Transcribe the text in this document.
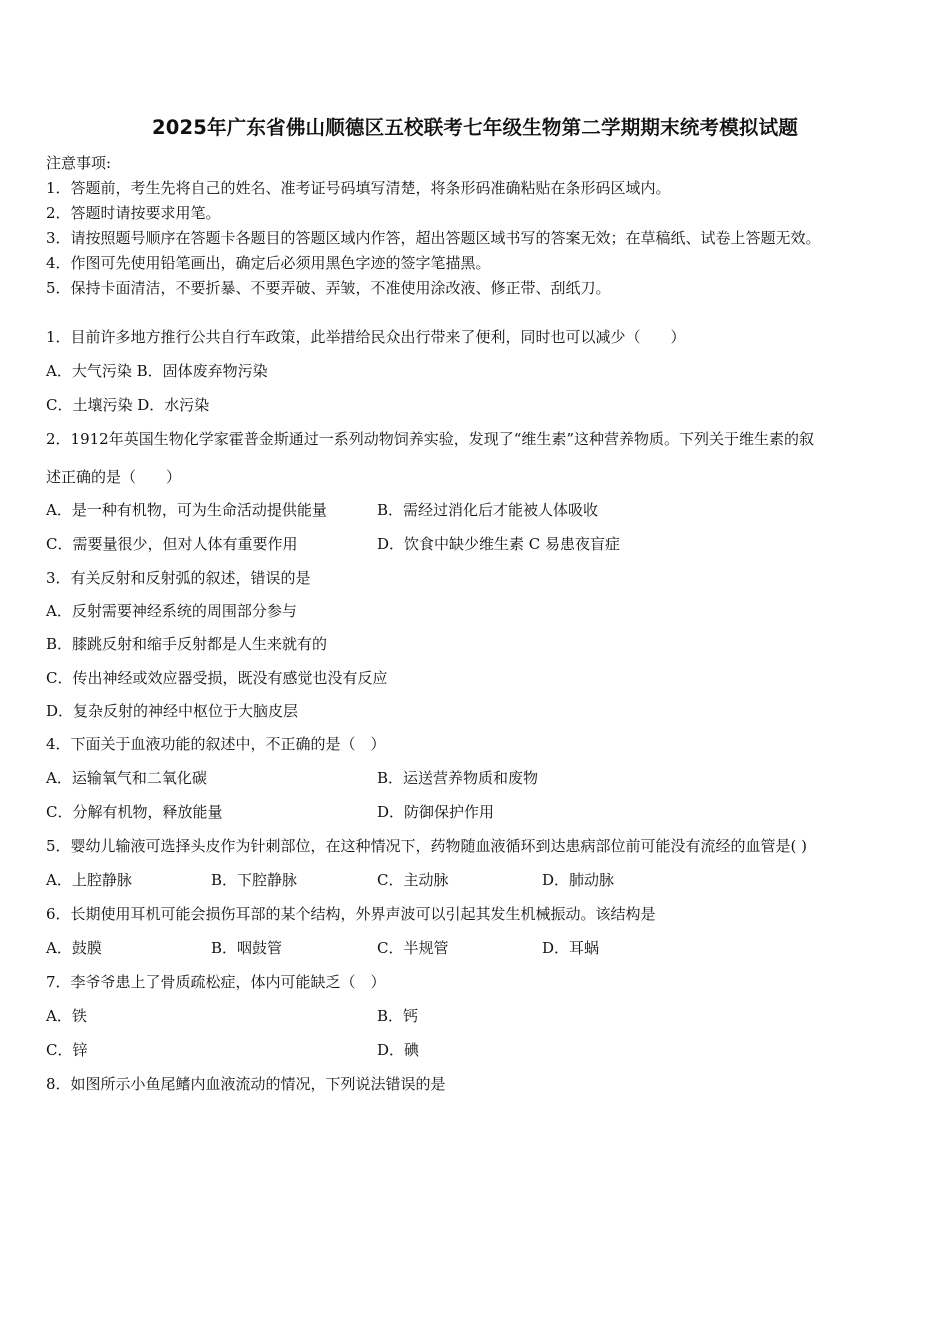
2025年广东省佛山顺德区五校联考七年级生物第二学期期末统考模拟试题
注意事项:
1．答题前，考生先将自己的姓名、准考证号码填写清楚，将条形码准确粘贴在条形码区域内。
2．答题时请按要求用笔。
3．请按照题号顺序在答题卡各题目的答题区域内作答，超出答题区域书写的答案无效；在草稿纸、试卷上答题无效。
4．作图可先使用铅笔画出，确定后必须用黑色字迹的签字笔描黑。
5．保持卡面清洁，不要折暴、不要弄破、弄皱，不准使用涂改液、修正带、刮纸刀。
1．目前许多地方推行公共自行车政策，此举措给民众出行带来了便利，同时也可以减少（　　）
A．大气污染 B．固体废弃物污染
C．土壤污染 D．水污染
2．1912年英国生物化学家霍普金斯通过一系列动物饲养实验，发现了“维生素”这种营养物质。下列关于维生素的叙
述正确的是（　　）
A．是一种有机物，可为生命活动提供能量	B．需经过消化后才能被人体吸收
C．需要量很少，但对人体有重要作用	D．饮食中缺少维生素 C 易患夜盲症
3．有关反射和反射弧的叙述，错误的是
A．反射需要神经系统的周围部分参与
B．膝跳反射和缩手反射都是人生来就有的
C．传出神经或效应器受损，既没有感觉也没有反应
D．复杂反射的神经中枢位于大脑皮层
4．下面关于血液功能的叙述中，不正确的是（　）
A．运输氧气和二氧化碳	B．运送营养物质和废物
C．分解有机物，释放能量	D．防御保护作用
5．婴幼儿输液可选择头皮作为针刺部位，在这种情况下，药物随血液循环到达患病部位前可能没有流经的血管是( )
A．上腔静脉	B．下腔静脉	C．主动脉	D．肺动脉
6．长期使用耳机可能会损伤耳部的某个结构，外界声波可以引起其发生机械振动。该结构是
A．鼓膜	B．咽鼓管	C．半规管	D．耳蜗
7．李爷爷患上了骨质疏松症，体内可能缺乏（　）
A．铁	B．钙
C．锌	D．碘
8．如图所示小鱼尾鳍内血液流动的情况，下列说法错误的是
